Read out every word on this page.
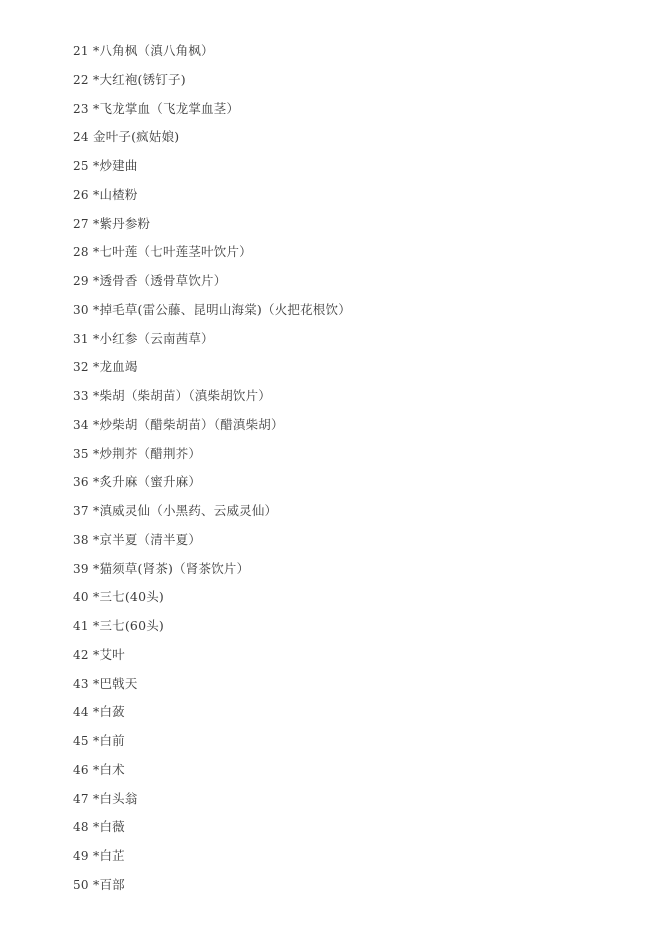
21 *八角枫（滇八角枫）
22 *大红袍(锈钉子)
23 *飞龙掌血（飞龙掌血茎）
24 金叶子(疯姑娘)
25 *炒建曲
26 *山楂粉
27 *紫丹参粉
28 *七叶莲（七叶莲茎叶饮片）
29 *透骨香（透骨草饮片）
30 *掉毛草(雷公藤、昆明山海棠)（火把花根饮）
31 *小红参（云南茜草）
32 *龙血竭
33 *柴胡（柴胡苗）（滇柴胡饮片）
34 *炒柴胡（醋柴胡苗）（醋滇柴胡）
35 *炒荆芥（醋荆芥）
36 *炙升麻（蜜升麻）
37 *滇威灵仙（小黑药、云威灵仙）
38 *京半夏（清半夏）
39 *猫须草(肾茶)（肾茶饮片）
40 *三七(40头)
41 *三七(60头)
42 *艾叶
43 *巴戟天
44 *白蔹
45 *白前
46 *白术
47 *白头翁
48 *白薇
49 *白芷
50 *百部
